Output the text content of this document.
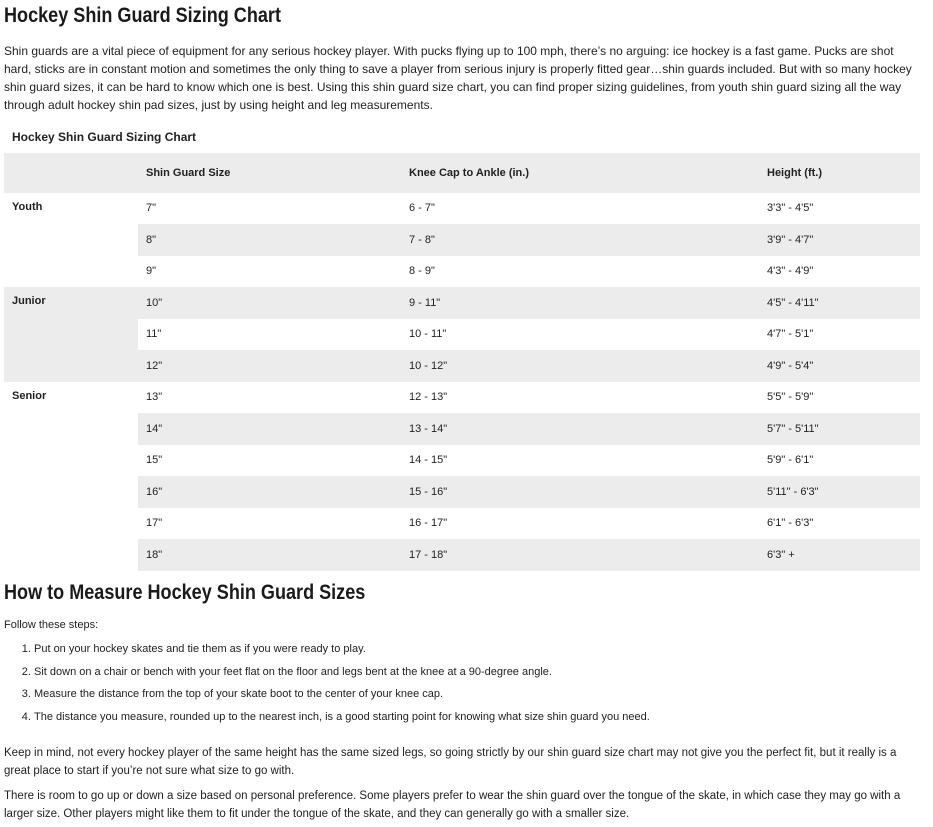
Hockey Shin Guard Sizing Chart
Shin guards are a vital piece of equipment for any serious hockey player. With pucks flying up to 100 mph, there’s no arguing: ice hockey is a fast game. Pucks are shot hard, sticks are in constant motion and sometimes the only thing to save a player from serious injury is properly fitted gear…shin guards included. But with so many hockey shin guard sizes, it can be hard to know which one is best. Using this shin guard size chart, you can find proper sizing guidelines, from youth shin guard sizing all the way through adult hockey shin pad sizes, just by using height and leg measurements.
Hockey Shin Guard Sizing Chart
	Shin Guard Size	Knee Cap to Ankle (in.)	Height (ft.)
Youth	7"	6 - 7"	3'3" - 4'5"
	8"	7 - 8"	3'9" - 4'7"
	9"	8 - 9"	4'3" - 4'9"
Junior	10"	9 - 11"	4'5" - 4'11"
	11"	10 - 11"	4'7" - 5'1"
	12"	10 - 12"	4'9" - 5'4"
Senior	13"	12 - 13"	5'5" - 5'9"
	14"	13 - 14"	5'7" - 5'11"
	15"	14 - 15"	5'9" - 6'1"
	16"	15 - 16"	5'11" - 6'3"
	17"	16 - 17"	6'1" - 6'3"
	18"	17 - 18"	6'3" +
How to Measure Hockey Shin Guard Sizes
Follow these steps:
1. Put on your hockey skates and tie them as if you were ready to play.
2. Sit down on a chair or bench with your feet flat on the floor and legs bent at the knee at a 90-degree angle.
3. Measure the distance from the top of your skate boot to the center of your knee cap.
4. The distance you measure, rounded up to the nearest inch, is a good starting point for knowing what size shin guard you need.
Keep in mind, not every hockey player of the same height has the same sized legs, so going strictly by our shin guard size chart may not give you the perfect fit, but it really is a great place to start if you’re not sure what size to go with.
There is room to go up or down a size based on personal preference. Some players prefer to wear the shin guard over the tongue of the skate, in which case they may go with a larger size. Other players might like them to fit under the tongue of the skate, and they can generally go with a smaller size.
